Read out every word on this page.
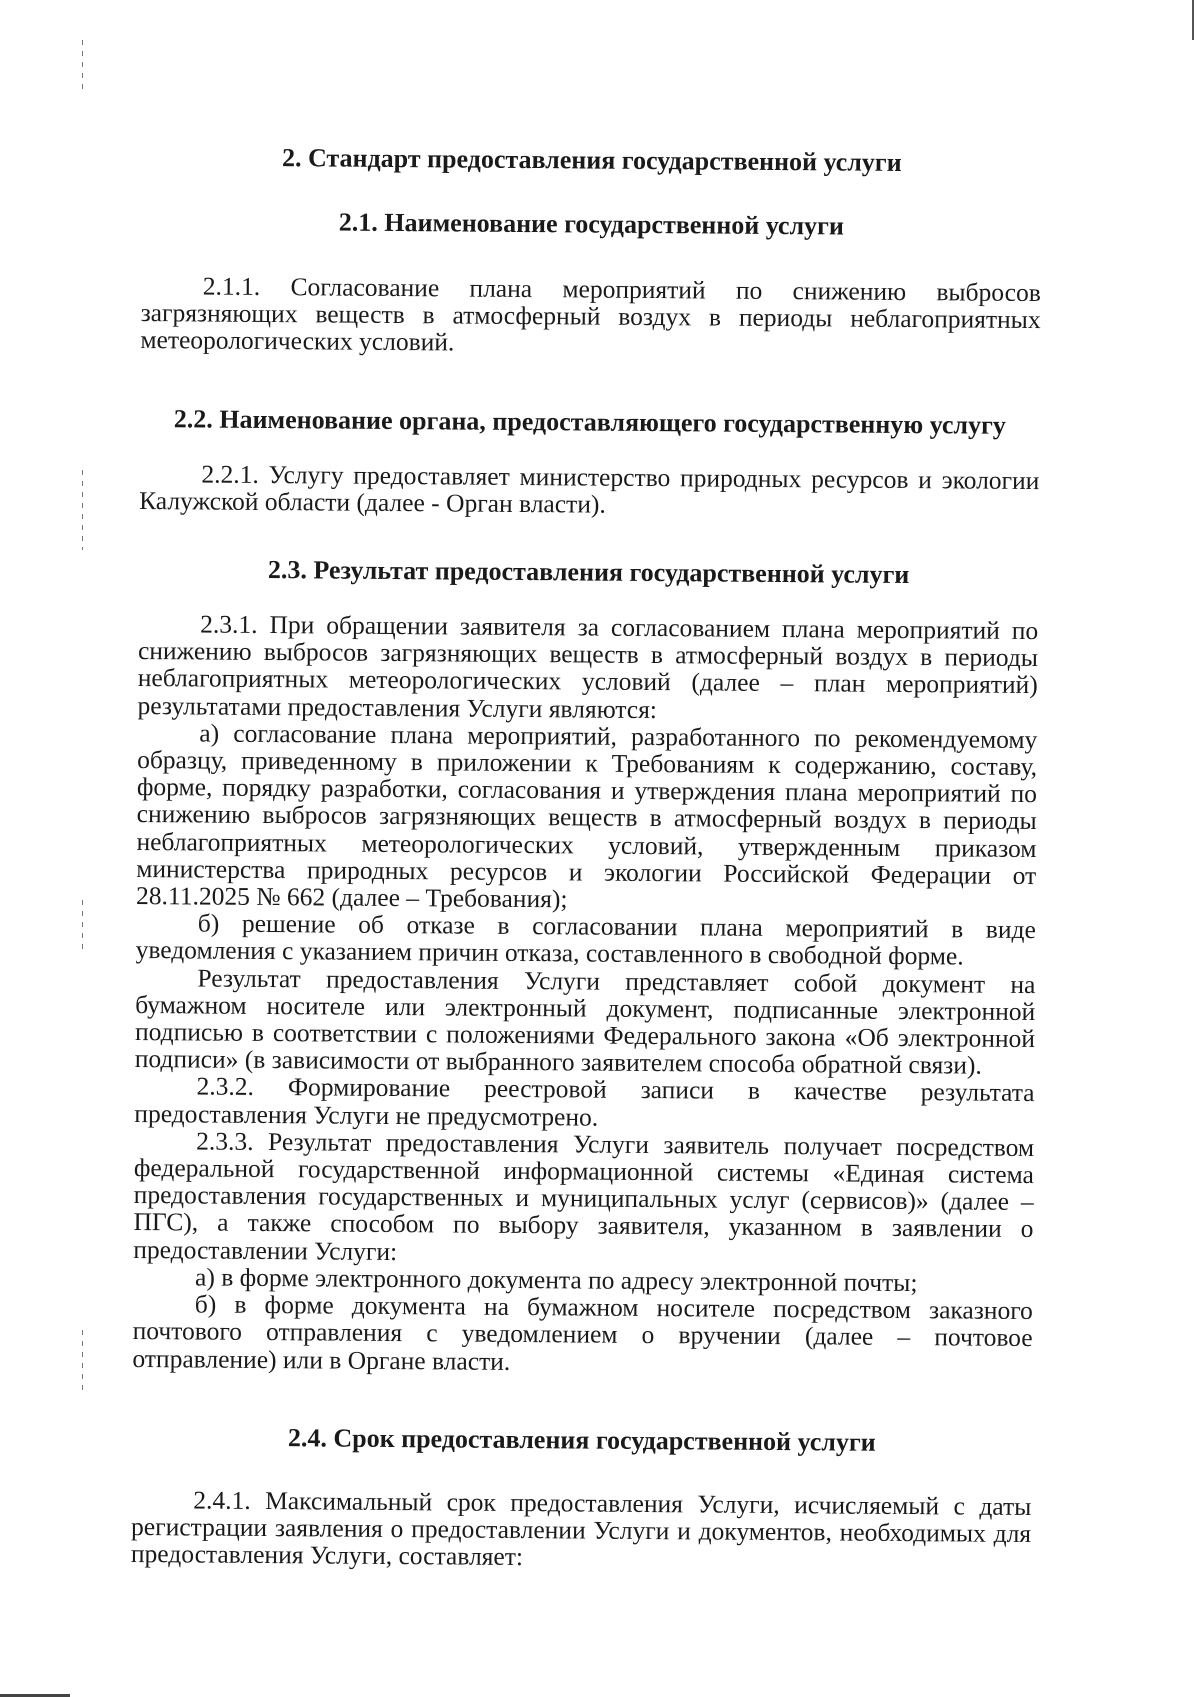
2. Стандарт предоставления государственной услуги
2.1. Наименование государственной услуги

2.1.1. Согласование плана мероприятий по снижению выбросов загрязняющих веществ в атмосферный воздух в периоды неблагоприятных метеорологических условий.

2.2. Наименование органа, предоставляющего государственную услугу

2.2.1. Услугу предоставляет министерство природных ресурсов и экологии Калужской области (далее - Орган власти).

2.3. Результат предоставления государственной услуги

2.3.1. При обращении заявителя за согласованием плана мероприятий по снижению выбросов загрязняющих веществ в атмосферный воздух в периоды неблагоприятных метеорологических условий (далее – план мероприятий) результатами предоставления Услуги являются:

а) согласование плана мероприятий, разработанного по рекомендуемому образцу, приведенному в приложении к Требованиям к содержанию, составу, форме, порядку разработки, согласования и утверждения плана мероприятий по снижению выбросов загрязняющих веществ в атмосферный воздух в периоды неблагоприятных метеорологических условий, утвержденным приказом министерства природных ресурсов и экологии Российской Федерации от 28.11.2025 № 662 (далее – Требования);

б) решение об отказе в согласовании плана мероприятий в виде уведомления с указанием причин отказа, составленного в свободной форме.

Результат предоставления Услуги представляет собой документ на бумажном носителе или электронный документ, подписанные электронной подписью в соответствии с положениями Федерального закона «Об электронной подписи» (в зависимости от выбранного заявителем способа обратной связи).

2.3.2. Формирование реестровой записи в качестве результата предоставления Услуги не предусмотрено.

2.3.3. Результат предоставления Услуги заявитель получает посредством федеральной государственной информационной системы «Единая система предоставления государственных и муниципальных услуг (сервисов)» (далее – ПГС), а также способом по выбору заявителя, указанном в заявлении о предоставлении Услуги:

а) в форме электронного документа по адресу электронной почты;

б) в форме документа на бумажном носителе посредством заказного почтового отправления с уведомлением о вручении (далее – почтовое отправление) или в Органе власти.

2.4. Срок предоставления государственной услуги

2.4.1. Максимальный срок предоставления Услуги, исчисляемый с даты регистрации заявления о предоставлении Услуги и документов, необходимых для предоставления Услуги, составляет:
